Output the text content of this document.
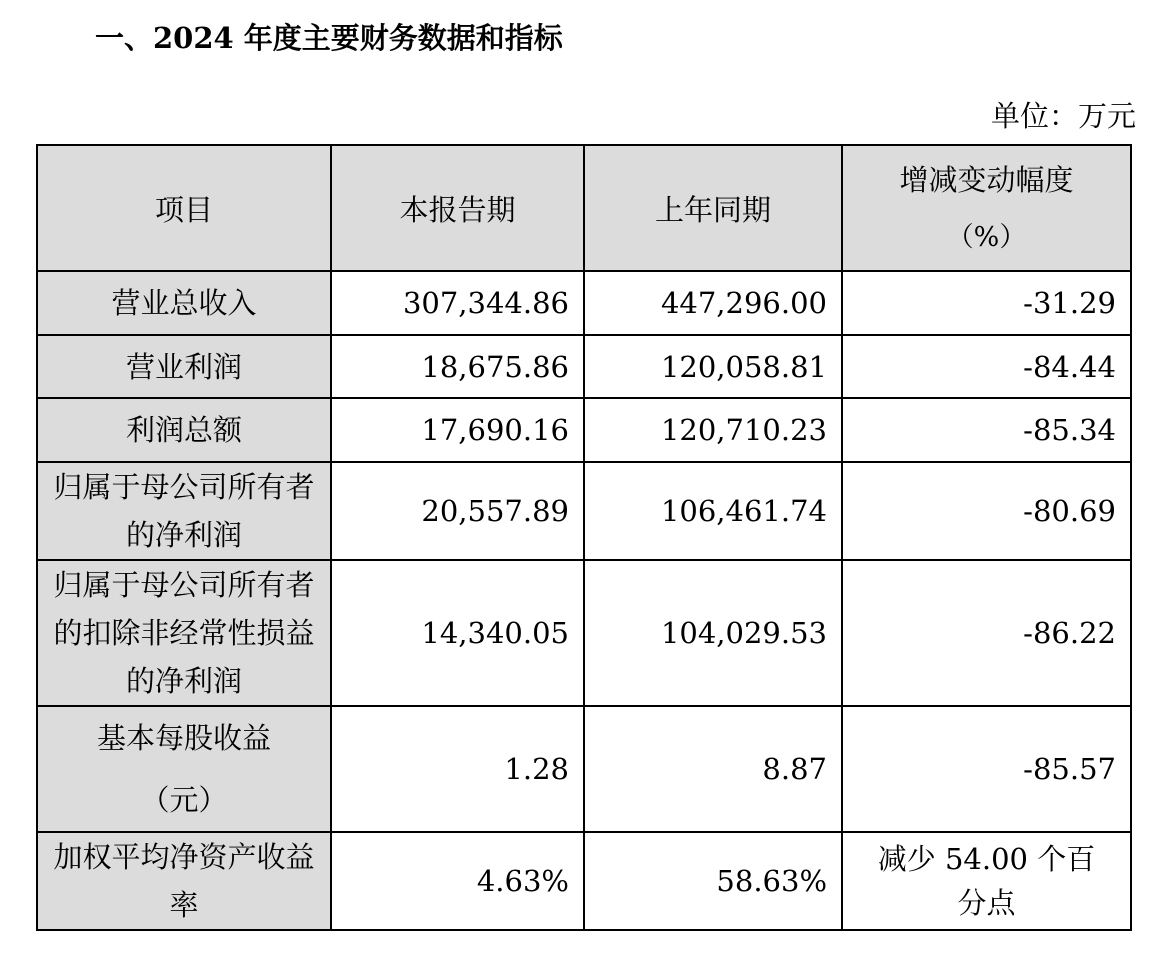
一、2024 年度主要财务数据和指标
单位：万元
项目	本报告期	上年同期	增减变动幅度
（%）

营业总收入	307,344.86	447,296.00	-31.29
营业利润	18,675.86	120,058.81	-84.44
利润总额	17,690.16	120,710.23	-85.34
归属于母公司所有者的净利润	20,557.89	106,461.74	-80.69
归属于母公司所有者的扣除非经常性损益的净利润	14,340.05	104,029.53	-86.22

基本每股收益
（元）	1.28	8.87	-85.57
加权平均净资产收益率	4.63%	58.63%	减少 54.00 个百分点
